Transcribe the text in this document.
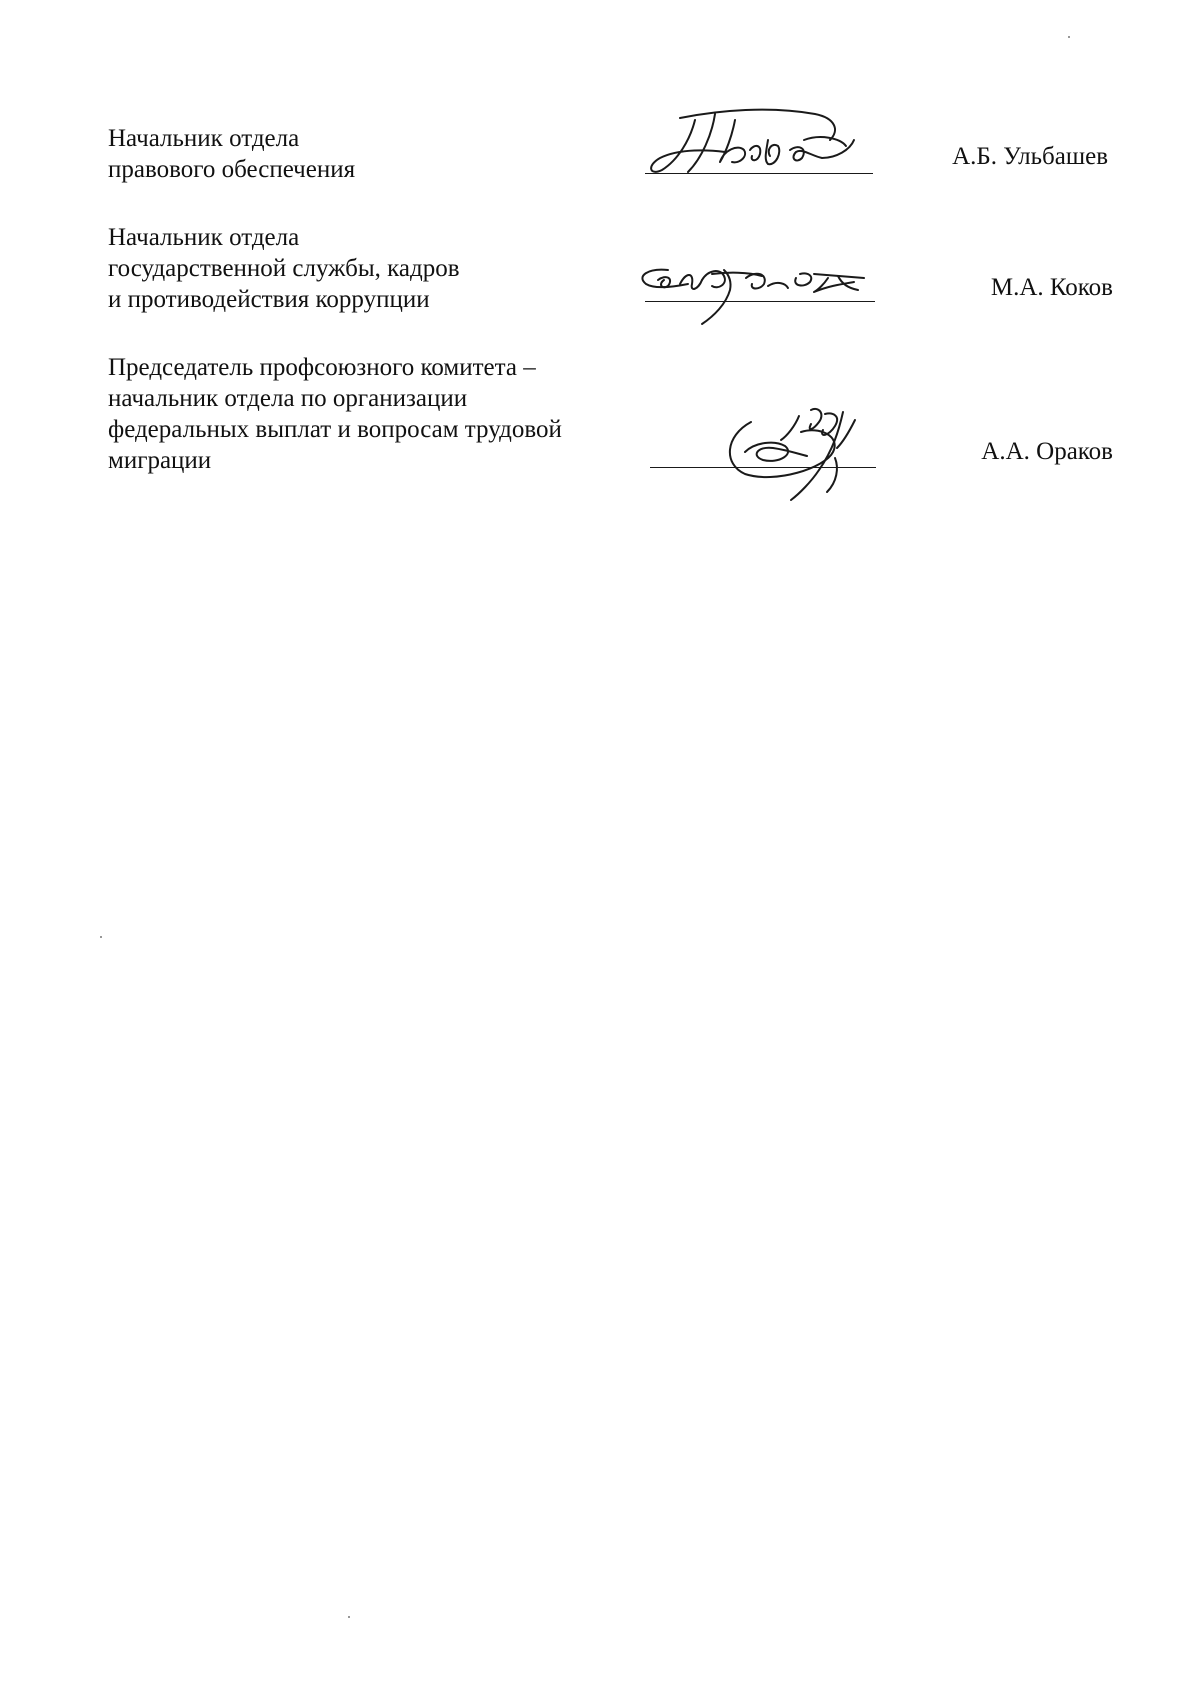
Начальник отдела
правового обеспечения	А.Б. Ульбашев
Начальник отдела
государственной службы, кадров
и противодействия коррупции	М.А. Коков
Председатель профсоюзного комитета –
начальник отдела по организации
федеральных выплат и вопросам трудовой
миграции	А.А. Ораков
